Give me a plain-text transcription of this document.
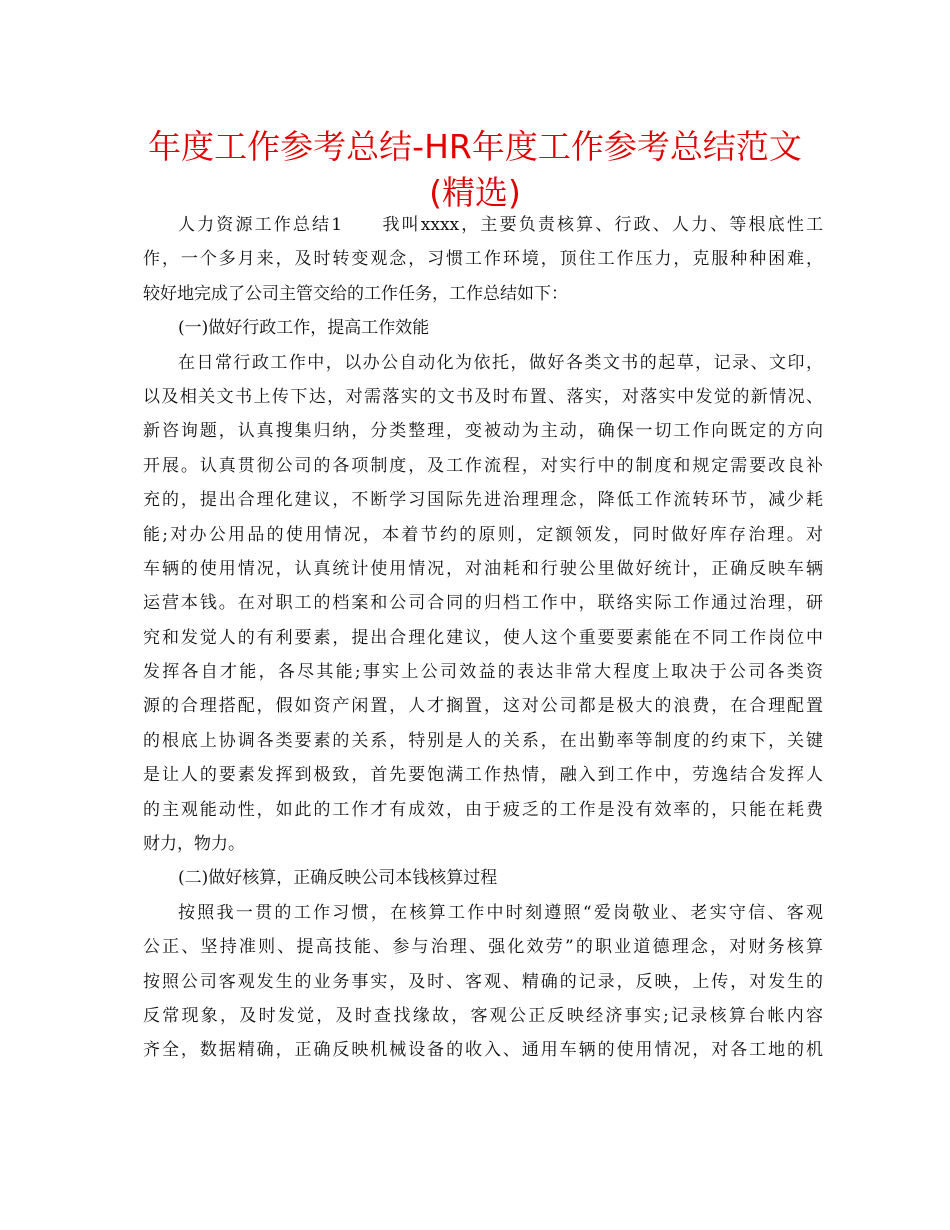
年度工作参考总结-HR年度工作参考总结范文
(精选)
人力资源工作总结1　　我叫xxxx，主要负责核算、行政、人力、等根底性工
作，一个多月来，及时转变观念，习惯工作环境，顶住工作压力，克服种种困难，
较好地完成了公司主管交给的工作任务，工作总结如下：
(一)做好行政工作，提高工作效能
在日常行政工作中，以办公自动化为依托，做好各类文书的起草，记录、文印，
以及相关文书上传下达，对需落实的文书及时布置、落实，对落实中发觉的新情况、
新咨询题，认真搜集归纳，分类整理，变被动为主动，确保一切工作向既定的方向
开展。认真贯彻公司的各项制度，及工作流程，对实行中的制度和规定需要改良补
充的，提出合理化建议，不断学习国际先进治理理念，降低工作流转环节，减少耗
能;对办公用品的使用情况，本着节约的原则，定额领发，同时做好库存治理。对
车辆的使用情况，认真统计使用情况，对油耗和行驶公里做好统计，正确反映车辆
运营本钱。在对职工的档案和公司合同的归档工作中，联络实际工作通过治理，研
究和发觉人的有利要素，提出合理化建议，使人这个重要要素能在不同工作岗位中
发挥各自才能，各尽其能;事实上公司效益的表达非常大程度上取决于公司各类资
源的合理搭配，假如资产闲置，人才搁置，这对公司都是极大的浪费，在合理配置
的根底上协调各类要素的关系，特别是人的关系，在出勤率等制度的约束下，关键
是让人的要素发挥到极致，首先要饱满工作热情，融入到工作中，劳逸结合发挥人
的主观能动性，如此的工作才有成效，由于疲乏的工作是没有效率的，只能在耗费
财力，物力。
(二)做好核算，正确反映公司本钱核算过程
按照我一贯的工作习惯，在核算工作中时刻遵照“爱岗敬业、老实守信、客观
公正、坚持准则、提高技能、参与治理、强化效劳”的职业道德理念，对财务核算
按照公司客观发生的业务事实，及时、客观、精确的记录，反映，上传，对发生的
反常现象，及时发觉，及时查找缘故，客观公正反映经济事实;记录核算台帐内容
齐全，数据精确，正确反映机械设备的收入、通用车辆的使用情况，对各工地的机
